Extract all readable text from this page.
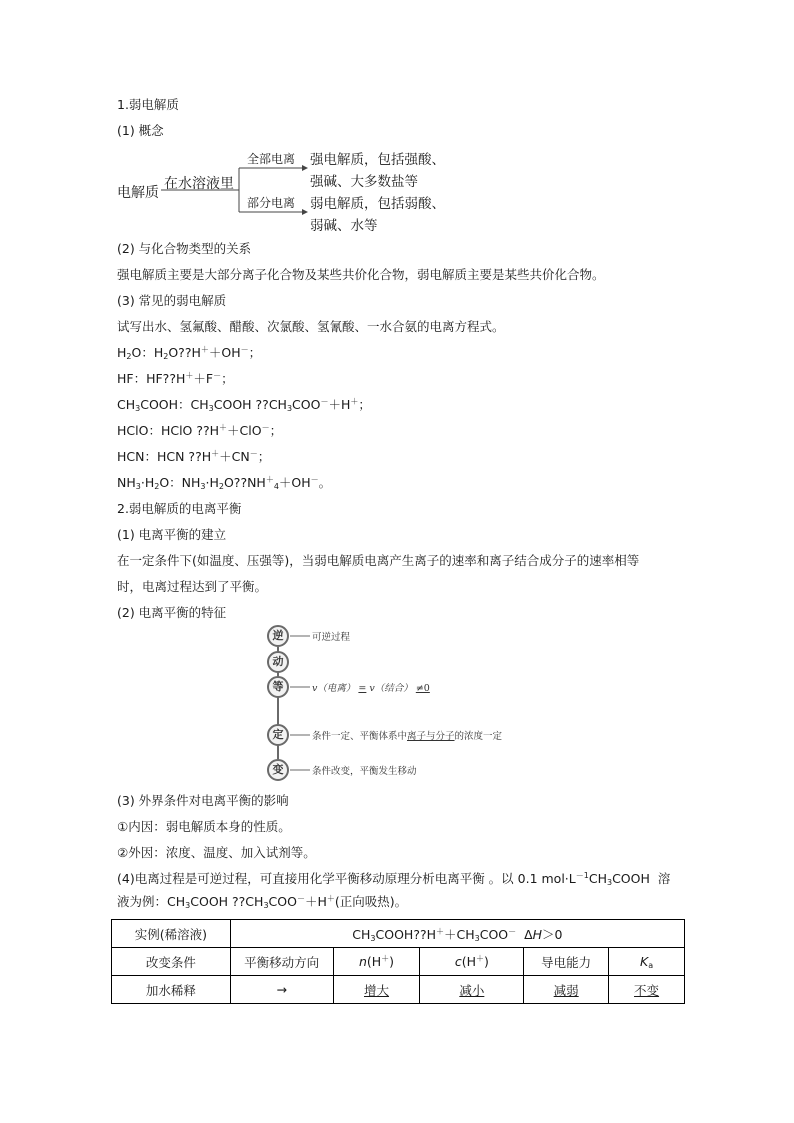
1.弱电解质
(1) 概念
电解质
在水溶液里
全部电离
部分电离
强电解质，包括强酸、
强碱、大多数盐等
弱电解质，包括弱酸、
弱碱、水等
(2) 与化合物类型的关系
强电解质主要是大部分离子化合物及某些共价化合物，弱电解质主要是某些共价化合物。
(3) 常见的弱电解质
试写出水、氢氟酸、醋酸、次氯酸、氢氰酸、一水合氨的电离方程式。
$H_2O$：$H_2O??H^++OH^-$；
HF：HF??H＋＋F－；
$CH_3COOH$：$CH_3COOH$ $??CH_3COO^-+H^+$；
HClO：HClO ??H＋＋ClO－；
HCN：HCN ??H＋＋CN－；
$NH_3\cdot H_2O$：$NH_3\cdot H_2O??NH^+_4+OH^-$。
2.弱电解质的电离平衡
(1) 电离平衡的建立
在一定条件下(如温度、压强等)，当弱电解质电离产生离子的速率和离子结合成分子的速率相等
时，电离过程达到了平衡。
(2) 电离平衡的特征
逆
动
等
定
变
可逆过程
v（电离） = v（结合） ≠0
条件一定、平衡体系中离子与分子的浓度一定
条件改变，平衡发生移动
(3) 外界条件对电离平衡的影响
①内因：弱电解质本身的性质。
②外因：浓度、温度、加入试剂等。
(4)电离过程是可逆过程，可直接用化学平衡移动原理分析电离平衡 。以 0.1 $mol\cdot L^{-1}CH_3COOH$  溶
液为例：$CH_3COOH$ $??CH_3COO^-+H^+$(正向吸热)。
实例(稀溶液)	$CH_3COOH??H^++CH_3COO^-$  ΔH＞0				
改变条件	平衡移动方向	n(H＋)	c(H＋)	导电能力	$K_a$
加水稀释	→	增大	减小	减弱	不变
